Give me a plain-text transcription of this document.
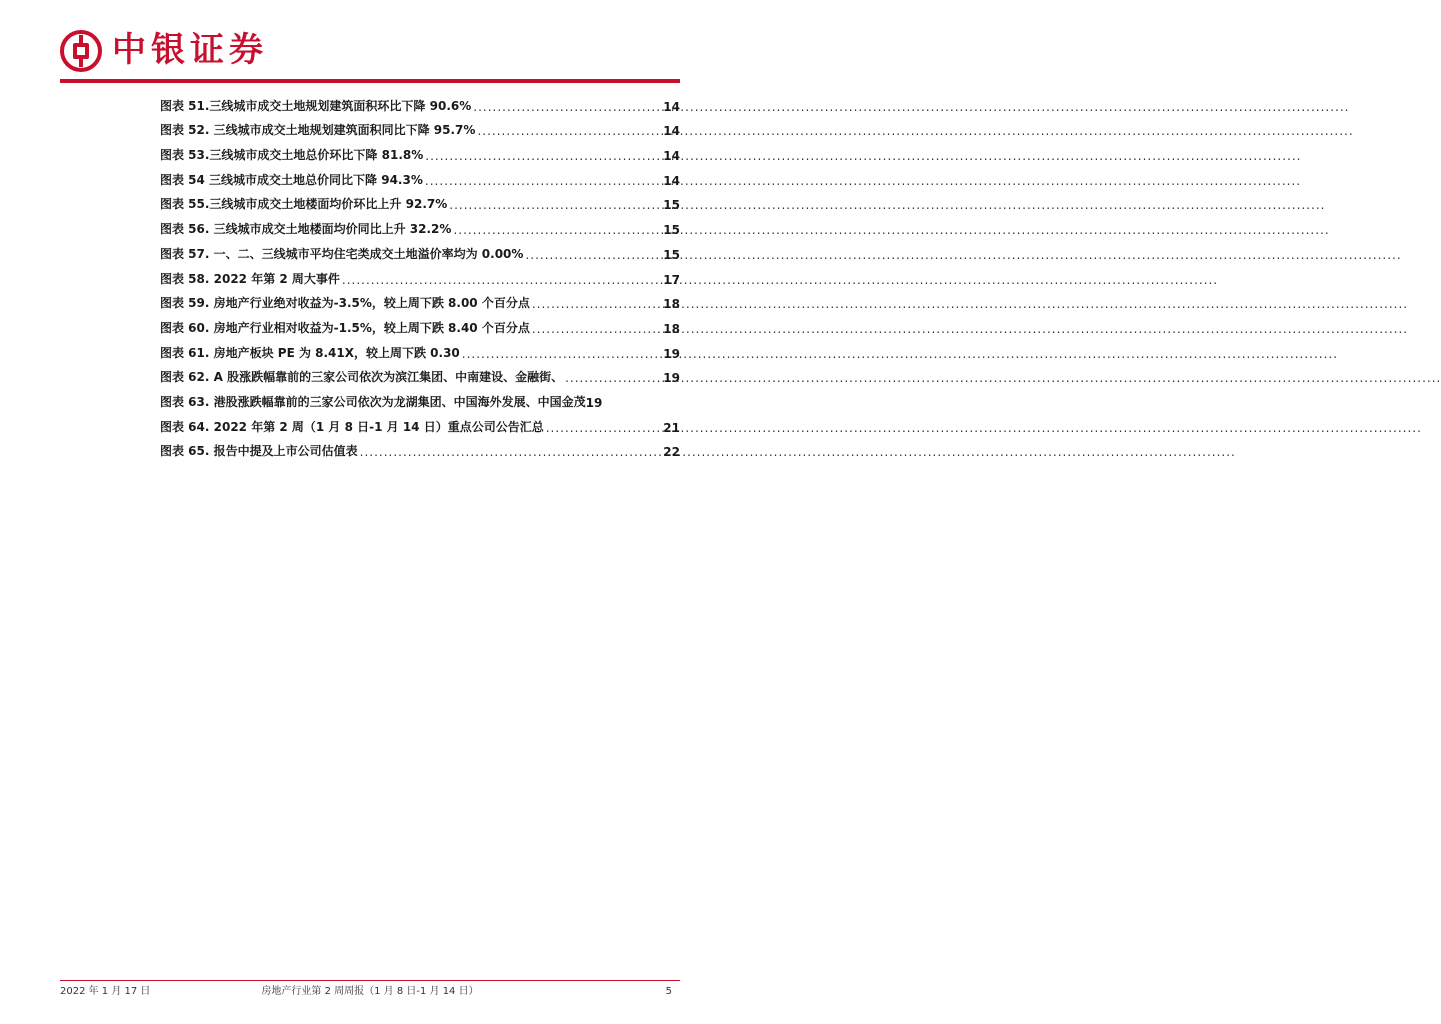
中银证券
图表 51.三线城市成交土地规划建筑面积环比下降 90.6% .....	14
图表 52. 三线城市成交土地规划建筑面积同比下降 95.7% .....	14
图表 53.三线城市成交土地总价环比下降 81.8% .....	14
图表 54 三线城市成交土地总价同比下降 94.3% .....	14
图表 55.三线城市成交土地楼面均价环比上升 92.7% .....	15
图表 56. 三线城市成交土地楼面均价同比上升 32.2% .....	15
图表 57. 一、二、三线城市平均住宅类成交土地溢价率均为 0.00% .....	15
图表 58. 2022 年第 2 周大事件 .....	17
图表 59. 房地产行业绝对收益为-3.5%，较上周下跌 8.00 个百分点 .....	18
图表 60. 房地产行业相对收益为-1.5%，较上周下跌 8.40 个百分点 .....	18
图表 61. 房地产板块 PE 为 8.41X，较上周下跌 0.30 .....	19
图表 62. A 股涨跌幅靠前的三家公司依次为滨江集团、中南建设、金融街、 .....	19
图表 63. 港股涨跌幅靠前的三家公司依次为龙湖集团、中国海外发展、中国金茂 19
图表 64. 2022 年第 2 周（1 月 8 日-1 月 14 日）重点公司公告汇总 .....	21
图表 65. 报告中提及上市公司估值表 .....	22
2022 年 1 月 17 日	房地产行业第 2 周周报（1 月 8 日-1 月 14 日）	5
